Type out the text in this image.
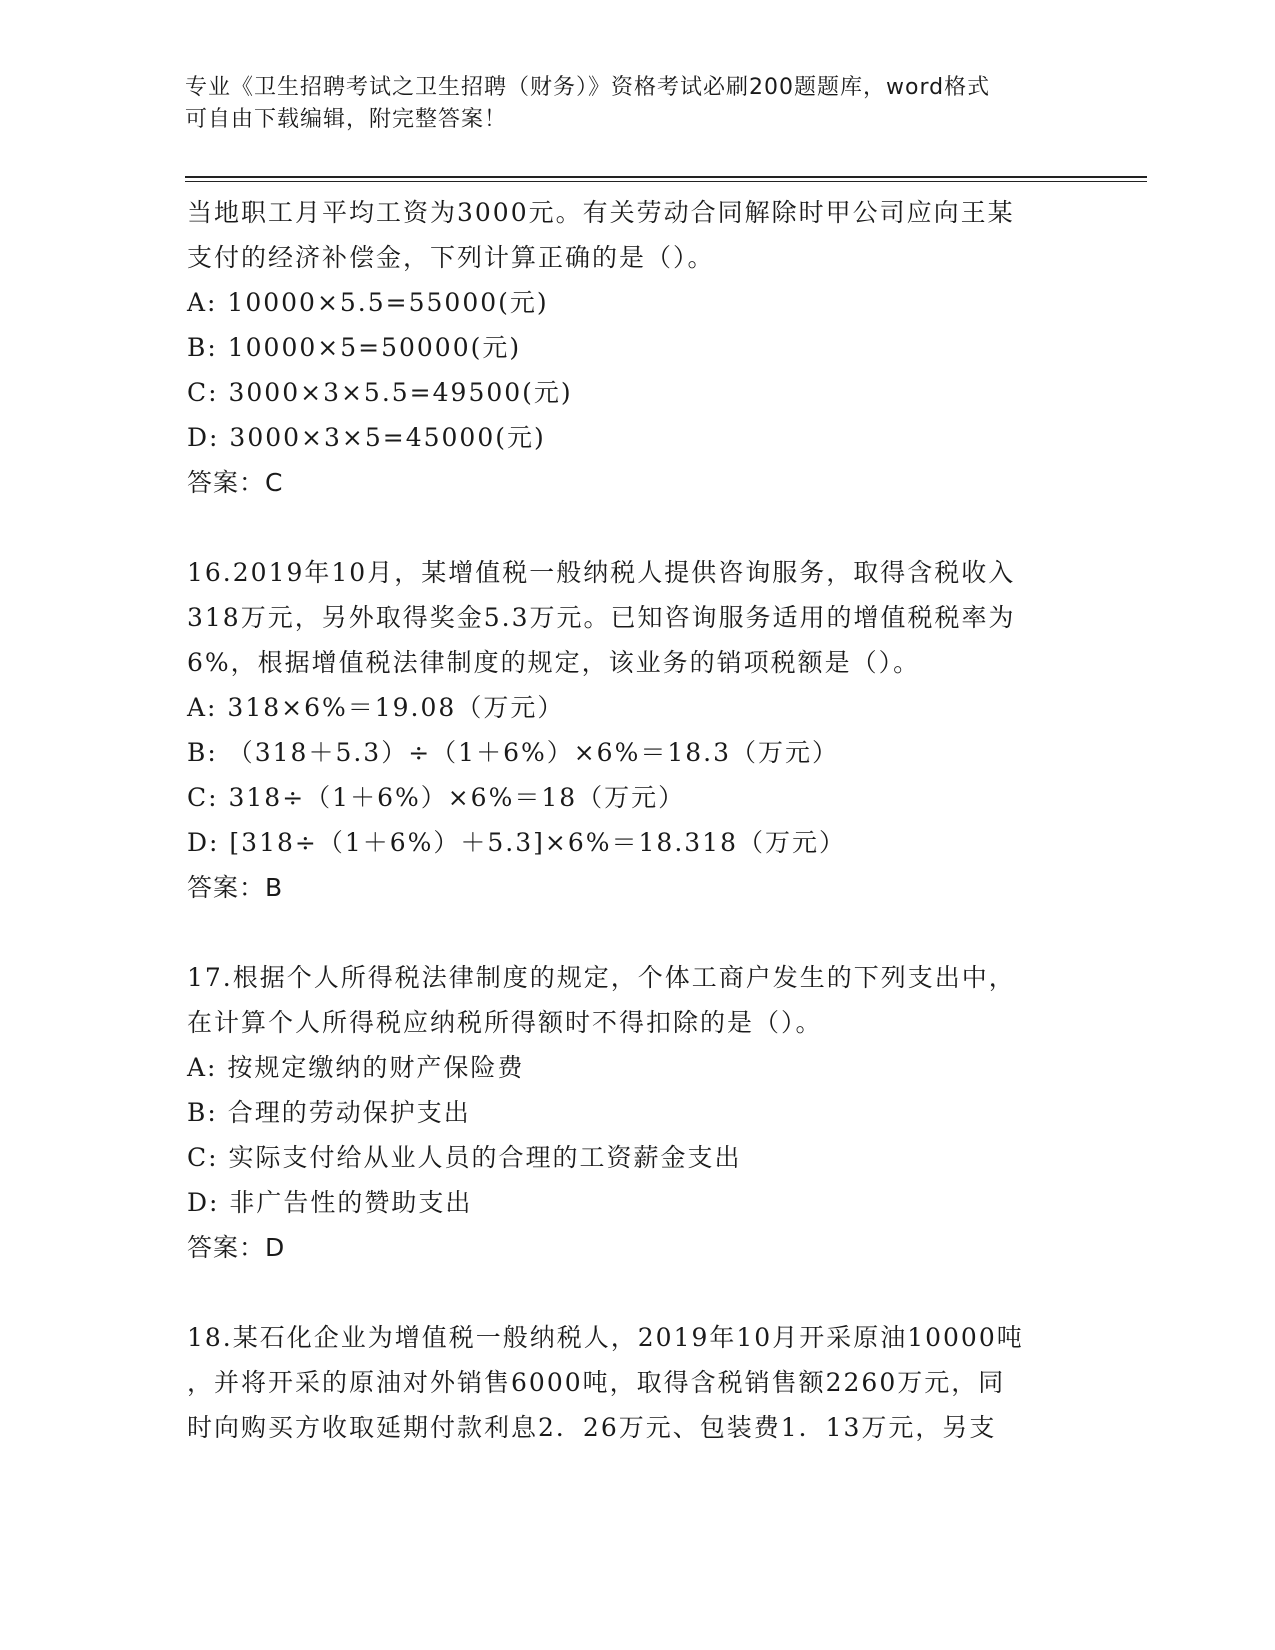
专业《卫生招聘考试之卫生招聘（财务）》资格考试必刷200题题库，word格式
可自由下载编辑，附完整答案！
当地职工月平均工资为3000元。有关劳动合同解除时甲公司应向王某
支付的经济补偿金，下列计算正确的是（）。
A: 10000×5.5=55000(元)
B: 10000×5=50000(元)
C: 3000×3×5.5=49500(元)
D: 3000×3×5=45000(元)
答案：C
16.2019年10月，某增值税一般纳税人提供咨询服务，取得含税收入
318万元，另外取得奖金5.3万元。已知咨询服务适用的增值税税率为
6%，根据增值税法律制度的规定，该业务的销项税额是（）。
A: 318×6%＝19.08（万元）
B: （318＋5.3）÷（1＋6%）×6%＝18.3（万元）
C: 318÷（1＋6%）×6%＝18（万元）
D: [318÷（1＋6%）＋5.3]×6%＝18.318（万元）
答案：B
17.根据个人所得税法律制度的规定，个体工商户发生的下列支出中，
在计算个人所得税应纳税所得额时不得扣除的是（）。
A: 按规定缴纳的财产保险费
B: 合理的劳动保护支出
C: 实际支付给从业人员的合理的工资薪金支出
D: 非广告性的赞助支出
答案：D
18.某石化企业为增值税一般纳税人，2019年10月开采原油10000吨
，并将开采的原油对外销售6000吨，取得含税销售额2260万元，同
时向购买方收取延期付款利息2．26万元、包装费1．13万元，另支
